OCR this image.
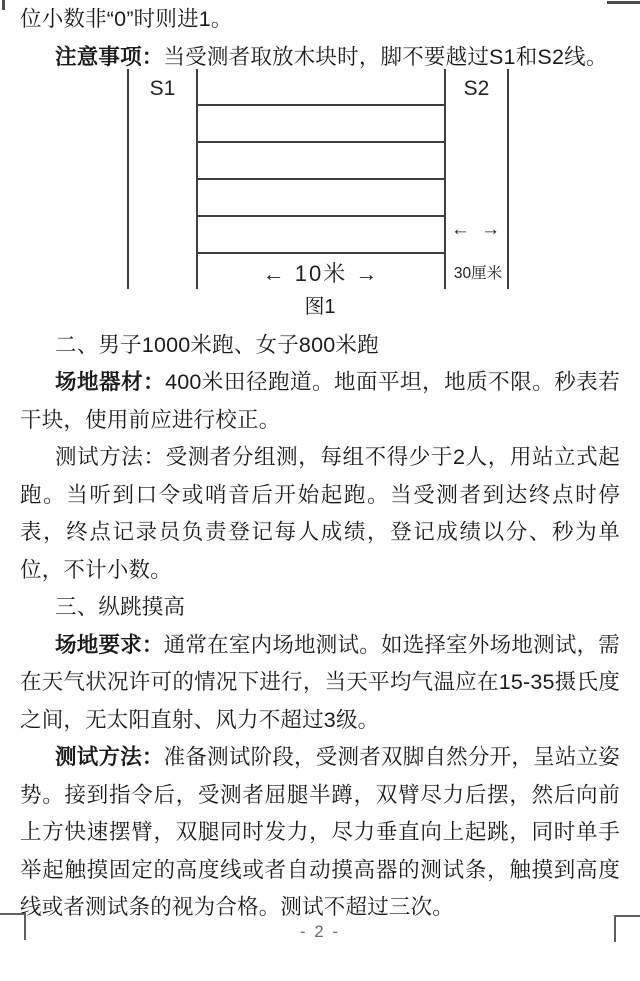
位小数非“0”时则进1。

注意事项：当受测者取放木块时，脚不要越过S1和S2线。

S1	S2
← →
← 10米 →	30厘米

图1

二、男子1000米跑、女子800米跑

场地器材：400米田径跑道。地面平坦，地质不限。秒表若干块，使用前应进行校正。

测试方法：受测者分组测，每组不得少于2人，用站立式起跑。当听到口令或哨音后开始起跑。当受测者到达终点时停表，终点记录员负责登记每人成绩，登记成绩以分、秒为单位，不计小数。

三、纵跳摸高

场地要求：通常在室内场地测试。如选择室外场地测试，需在天气状况许可的情况下进行，当天平均气温应在15-35摄氏度之间，无太阳直射、风力不超过3级。

测试方法：准备测试阶段，受测者双脚自然分开，呈站立姿势。接到指令后，受测者屈腿半蹲，双臂尽力后摆，然后向前上方快速摆臂，双腿同时发力，尽力垂直向上起跳，同时单手举起触摸固定的高度线或者自动摸高器的测试条，触摸到高度线或者测试条的视为合格。测试不超过三次。

- 2 -
